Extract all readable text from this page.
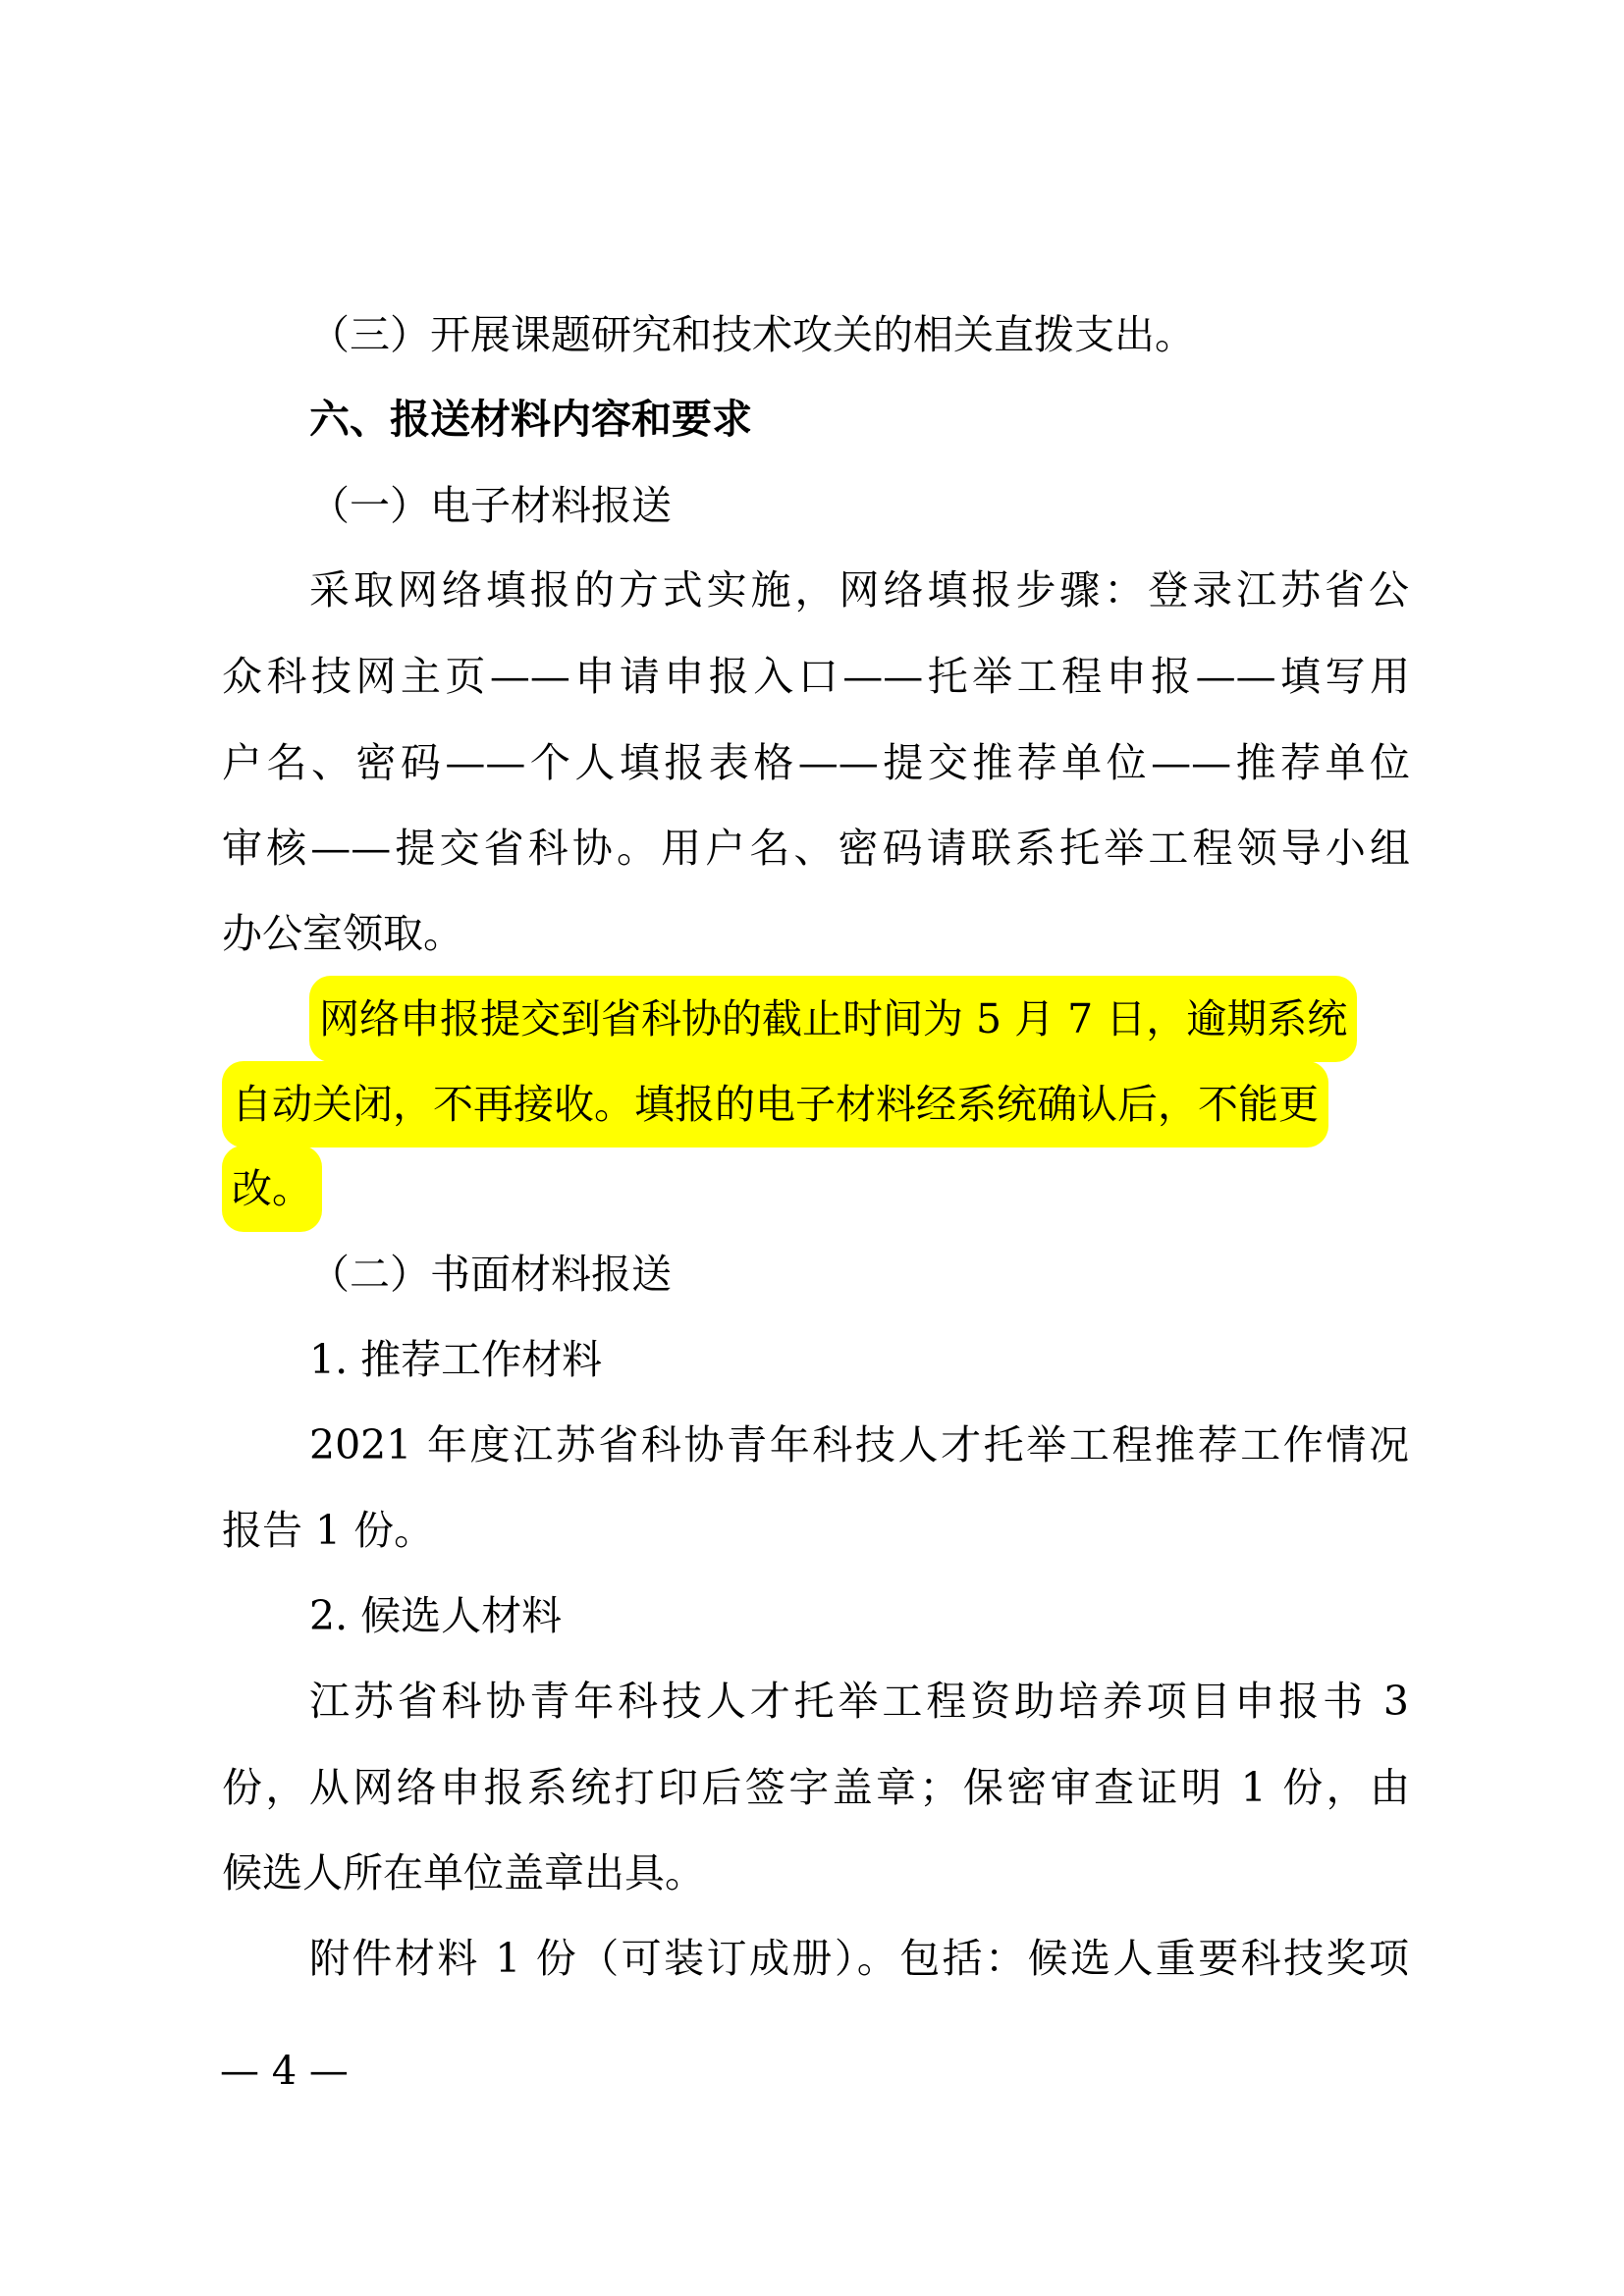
（三）开展课题研究和技术攻关的相关直拨支出。

六、报送材料内容和要求

（一）电子材料报送

采取网络填报的方式实施，网络填报步骤：登录江苏省公

众科技网主页——申请申报入口——托举工程申报——填写用

户名、密码——个人填报表格——提交推荐单位——推荐单位

审核——提交省科协。用户名、密码请联系托举工程领导小组

办公室领取。

网络申报提交到省科协的截止时间为 5 月 7 日，逾期系统

自动关闭，不再接收。填报的电子材料经系统确认后，不能更

改。

（二）书面材料报送

1. 推荐工作材料

2021 年度江苏省科协青年科技人才托举工程推荐工作情况

报告 1 份。

2. 候选人材料

江苏省科协青年科技人才托举工程资助培养项目申报书 3

份，从网络申报系统打印后签字盖章；保密审查证明 1 份，由

候选人所在单位盖章出具。

附件材料 1 份（可装订成册）。包括：候选人重要科技奖项

— 4 —
